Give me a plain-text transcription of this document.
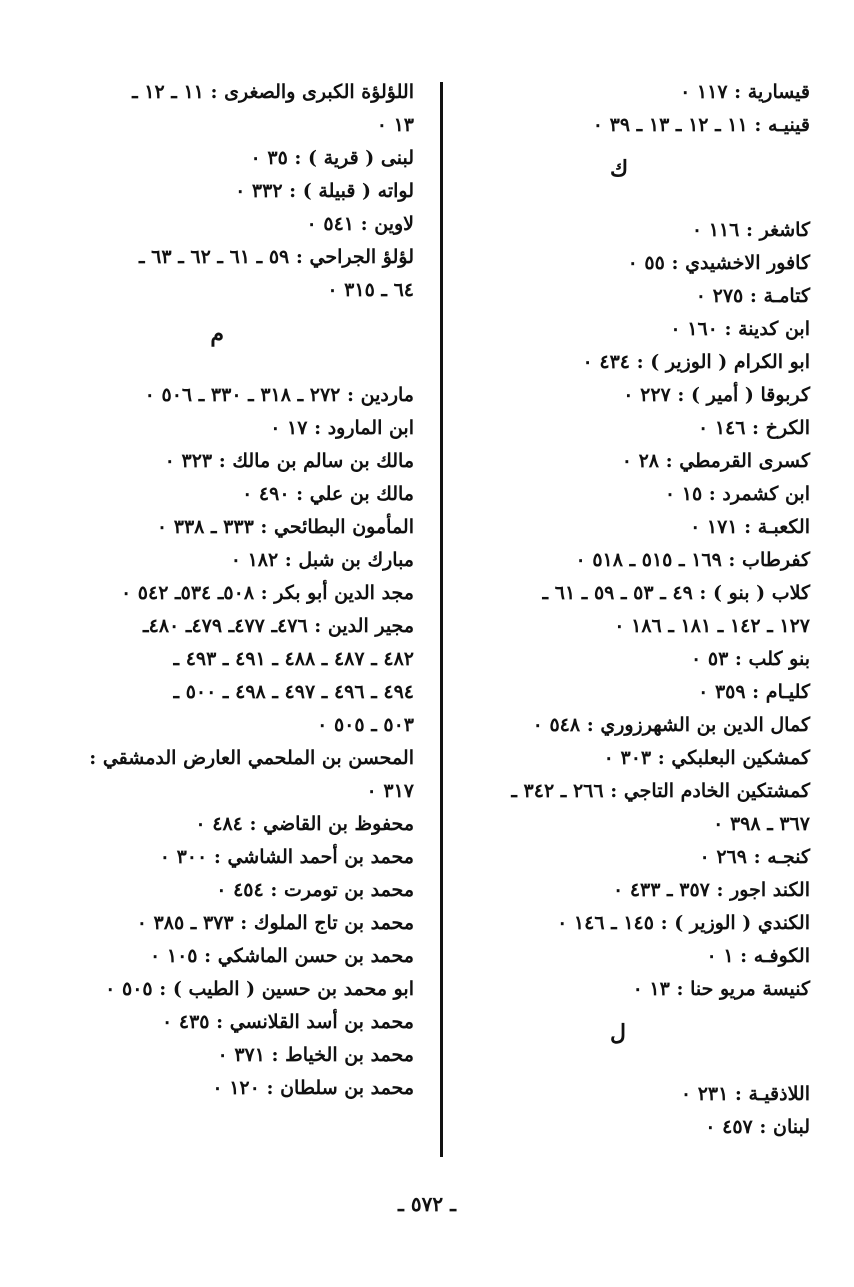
قيسارية : ١١٧ ٠
قينيـه : ١١ ـ ١٢ ـ ١٣ ـ ٣٩ ٠
ك
كاشغر : ١١٦ ٠
كافور الاخشيدي : ٥٥ ٠
كتامـة : ٢٧٥ ٠
ابن كدينة : ١٦٠ ٠
ابو الكرام ( الوزير ) : ٤٣٤ ٠
كربوقا ( أمير ) : ٢٢٧ ٠
الكرخ : ١٤٦ ٠
كسرى القرمطي : ٢٨ ٠
ابن كشمرد : ١٥ ٠
الكعبـة : ١٧١ ٠
كفرطاب : ١٦٩ ـ ٥١٥ ـ ٥١٨ ٠
كلاب ( بنو ) : ٤٩ ـ ٥٣ ـ ٥٩ ـ ٦١ ـ
١٢٧ ـ ١٤٢ ـ ١٨١ ـ ١٨٦ ٠
بنو كلب : ٥٣ ٠
كليـام : ٣٥٩ ٠
كمال الدين بن الشهرزوري : ٥٤٨ ٠
كمشكين البعلبكي : ٣٠٣ ٠
كمشتكين الخادم التاجي : ٢٦٦ ـ ٣٤٢ ـ
٣٦٧ ـ ٣٩٨ ٠
كنجـه : ٢٦٩ ٠
الكند اجور : ٣٥٧ ـ ٤٣٣ ٠
الكندي ( الوزير ) : ١٤٥ ـ ١٤٦ ٠
الكوفـه : ١ ٠
كنيسة مريو حنا : ١٣ ٠
ل
اللاذقيـة : ٢٣١ ٠
لبنان : ٤٥٧ ٠
اللؤلؤة الكبرى والصغرى : ١١ ـ ١٢ ـ
١٣ ٠
لبنى ( قرية ) : ٣٥ ٠
لواته ( قبيلة ) : ٣٣٢ ٠
لاوين : ٥٤١ ٠
لؤلؤ الجراحي : ٥٩ ـ ٦١ ـ ٦٢ ـ ٦٣ ـ
٦٤ ـ ٣١٥ ٠
م
ماردين : ٢٧٢ ـ ٣١٨ ـ ٣٣٠ ـ ٥٠٦ ٠
ابن المارود : ١٧ ٠
مالك بن سالم بن مالك : ٣٢٣ ٠
مالك بن علي : ٤٩٠ ٠
المأمون البطائحي : ٣٣٣ ـ ٣٣٨ ٠
مبارك بن شبل : ١٨٢ ٠
مجد الدين أبو بكر : ٥٠٨ـ ٥٣٤ـ ٥٤٢ ٠
مجير الدين : ٤٧٦ـ ٤٧٧ـ ٤٧٩ـ ٤٨٠ـ
٤٨٢ ـ ٤٨٧ ـ ٤٨٨ ـ ٤٩١ ـ ٤٩٣ ـ
٤٩٤ ـ ٤٩٦ ـ ٤٩٧ ـ ٤٩٨ ـ ٥٠٠ ـ
٥٠٣ ـ ٥٠٥ ٠
المحسن بن الملحمي العارض الدمشقي :
٣١٧ ٠
محفوظ بن القاضي : ٤٨٤ ٠
محمد بن أحمد الشاشي : ٣٠٠ ٠
محمد بن تومرت : ٤٥٤ ٠
محمد بن تاج الملوك : ٣٧٣ ـ ٣٨٥ ٠
محمد بن حسن الماشكي : ١٠٥ ٠
ابو محمد بن حسين ( الطيب ) : ٥٠٥ ٠
محمد بن أسد القلانسي : ٤٣٥ ٠
محمد بن الخياط : ٣٧١ ٠
محمد بن سلطان : ١٢٠ ٠
ـ ٥٧٢ ـ
